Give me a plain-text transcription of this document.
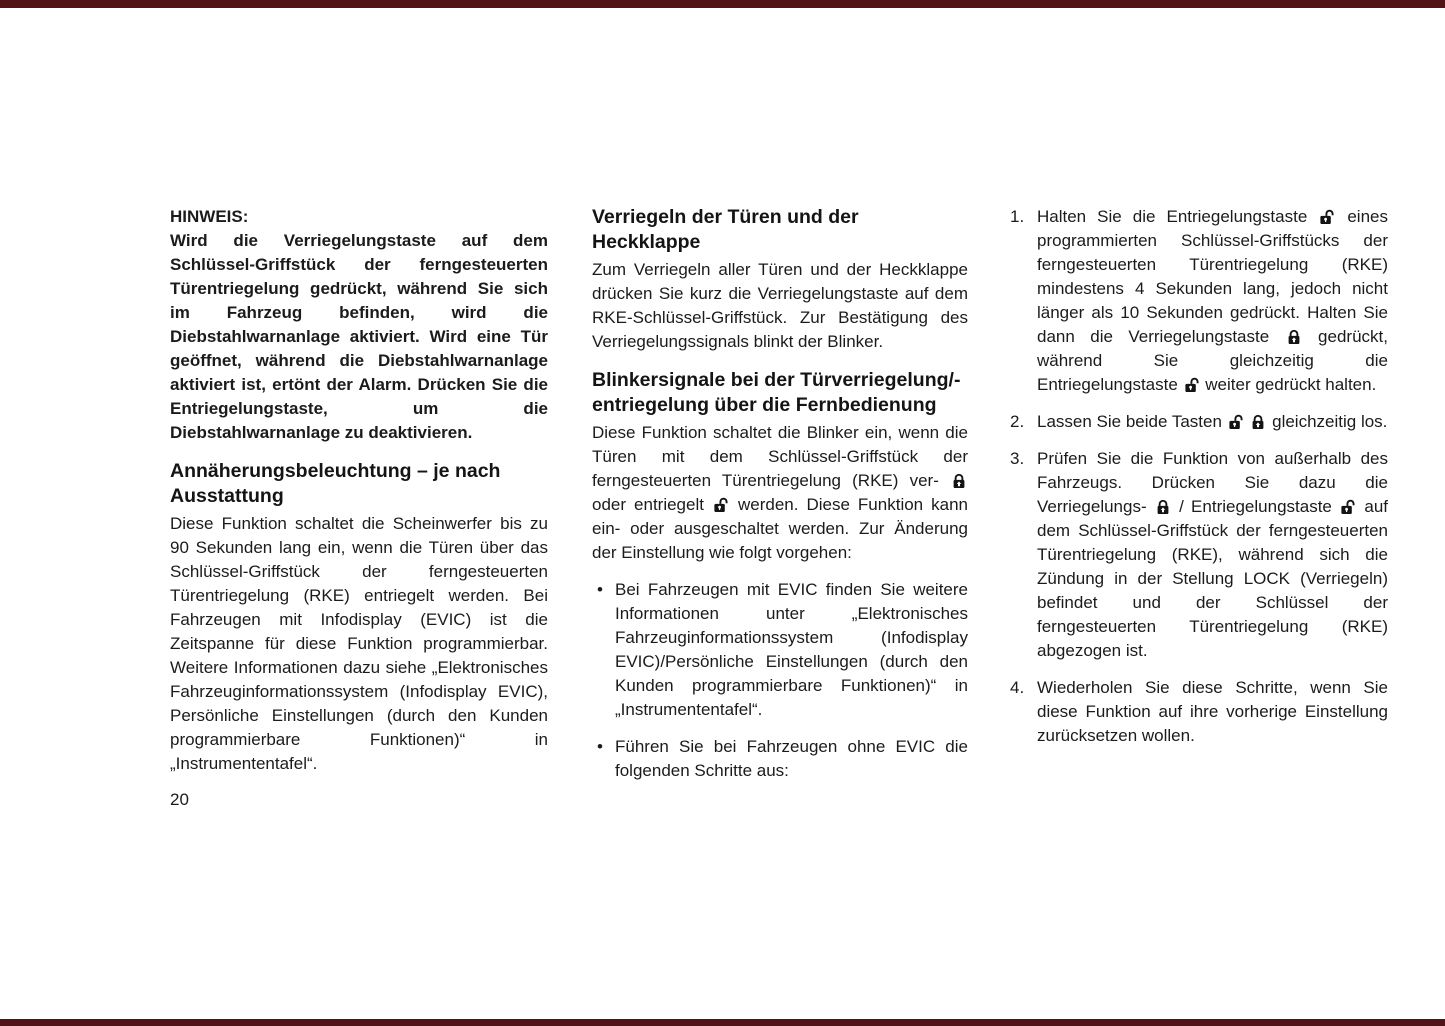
HINWEIS:

Wird die Verriegelungstaste auf dem Schlüssel-Griffstück der ferngesteuerten Türentriegelung gedrückt, während Sie sich im Fahrzeug befinden, wird die Diebstahlwarnanlage aktiviert. Wird eine Tür geöffnet, während die Diebstahlwarnanlage aktiviert ist, ertönt der Alarm. Drücken Sie die Entriegelungstaste, um die Diebstahlwarnanlage zu deaktivieren.

Annäherungsbeleuchtung – je nach Ausstattung

Diese Funktion schaltet die Scheinwerfer bis zu 90 Sekunden lang ein, wenn die Türen über das Schlüssel-Griffstück der ferngesteuerten Türentriegelung (RKE) entriegelt werden. Bei Fahrzeugen mit Infodisplay (EVIC) ist die Zeitspanne für diese Funktion programmierbar. Weitere Informationen dazu siehe „Elektronisches Fahrzeuginformationssystem (Infodisplay EVIC), Persönliche Einstellungen (durch den Kunden programmierbare Funktionen)“ in „Instrumententafel“.

Verriegeln der Türen und der Heckklappe

Zum Verriegeln aller Türen und der Heckklappe drücken Sie kurz die Verriegelungstaste auf dem RKE-Schlüssel-Griffstück. Zur Bestätigung des Verriegelungssignals blinkt der Blinker.

Blinkersignale bei der Türverriegelung/-entriegelung über die Fernbedienung

Diese Funktion schaltet die Blinker ein, wenn die Türen mit dem Schlüssel-Griffstück der ferngesteuerten Türentriegelung (RKE) ver-  oder entriegelt  werden. Diese Funktion kann ein- oder ausgeschaltet werden. Zur Änderung der Einstellung wie folgt vorgehen:

• Bei Fahrzeugen mit EVIC finden Sie weitere Informationen unter „Elektronisches Fahrzeuginformationssystem (Infodisplay EVIC)/Persönliche Einstellungen (durch den Kunden programmierbare Funktionen)“ in „Instrumententafel“.
• Führen Sie bei Fahrzeugen ohne EVIC die folgenden Schritte aus:
1. Halten Sie die Entriegelungstaste  eines programmierten Schlüssel-Griffstücks der ferngesteuerten Türentriegelung (RKE) mindestens 4 Sekunden lang, jedoch nicht länger als 10 Sekunden gedrückt. Halten Sie dann die Verriegelungstaste  gedrückt, während Sie gleichzeitig die Entriegelungstaste  weiter gedrückt halten.
2. Lassen Sie beide Tasten   gleichzeitig los.
3. Prüfen Sie die Funktion von außerhalb des Fahrzeugs. Drücken Sie dazu die Verriegelungs-  / Entriegelungstaste  auf dem Schlüssel-Griffstück der ferngesteuerten Türentriegelung (RKE), während sich die Zündung in der Stellung LOCK (Verriegeln) befindet und der Schlüssel der ferngesteuerten Türentriegelung (RKE) abgezogen ist.
4. Wiederholen Sie diese Schritte, wenn Sie diese Funktion auf ihre vorherige Einstellung zurücksetzen wollen.
20
